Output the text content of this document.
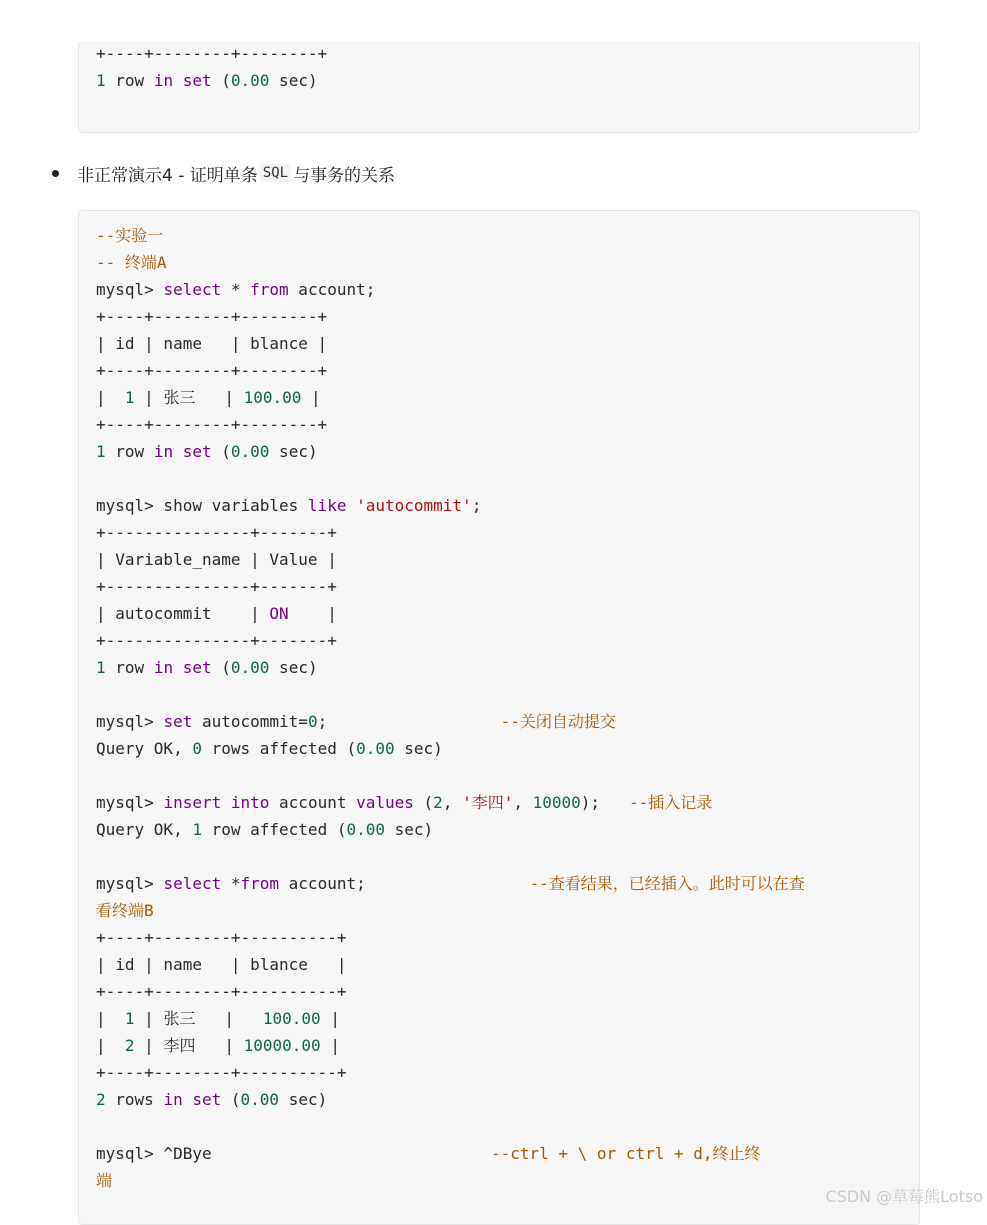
+----+--------+--------+
1 row in set (0.00 sec)
非正常演示4 - 证明单条 SQL 与事务的关系
--实验一
-- 终端A
mysql> select * from account;
+----+--------+--------+
| id | name   | blance |
+----+--------+--------+
|  1 | 张三   | 100.00 |
+----+--------+--------+
1 row in set (0.00 sec)
mysql> show variables like 'autocommit';
+---------------+-------+
| Variable_name | Value |
+---------------+-------+
| autocommit    | ON    |
+---------------+-------+
1 row in set (0.00 sec)
mysql> set autocommit=0;                  --关闭自动提交
Query OK, 0 rows affected (0.00 sec)
mysql> insert into account values (2, '李四', 10000);   --插入记录
Query OK, 1 row affected (0.00 sec)
mysql> select *from account;                 --查看结果，已经插入。此时可以在查
看终端B
+----+--------+----------+
| id | name   | blance   |
+----+--------+----------+
|  1 | 张三   |   100.00 |
|  2 | 李四   | 10000.00 |
+----+--------+----------+
2 rows in set (0.00 sec)
mysql> ^DBye                             --ctrl + \ or ctrl + d,终止终
端
CSDN @草莓熊Lotso
